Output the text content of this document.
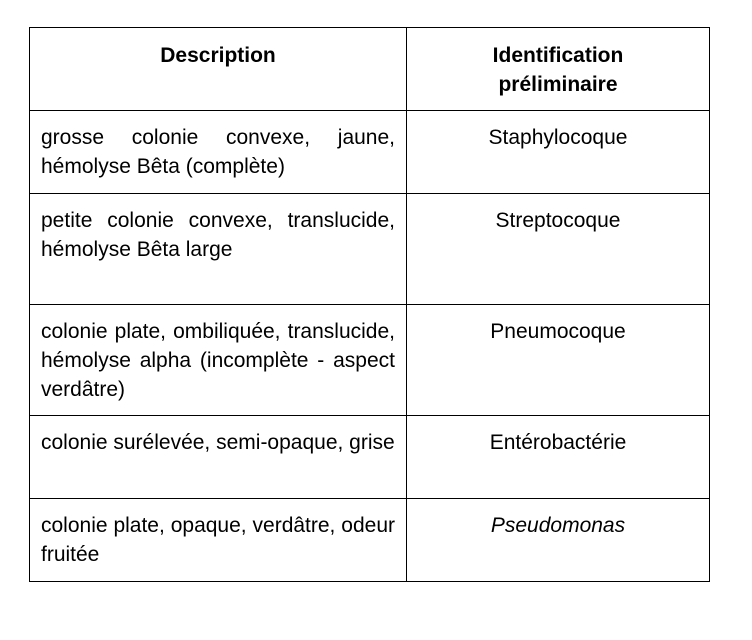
Description	Identification
préliminaire
grosse colonie convexe, jaune, hémolyse Bêta (complète)	Staphylocoque
petite colonie convexe, translucide, hémolyse Bêta large	Streptocoque
colonie plate, ombiliquée, translucide, hémolyse alpha (incomplète - aspect verdâtre)	Pneumocoque
colonie surélevée, semi-opaque, grise	Entérobactérie
colonie plate, opaque, verdâtre, odeur fruitée	Pseudomonas
